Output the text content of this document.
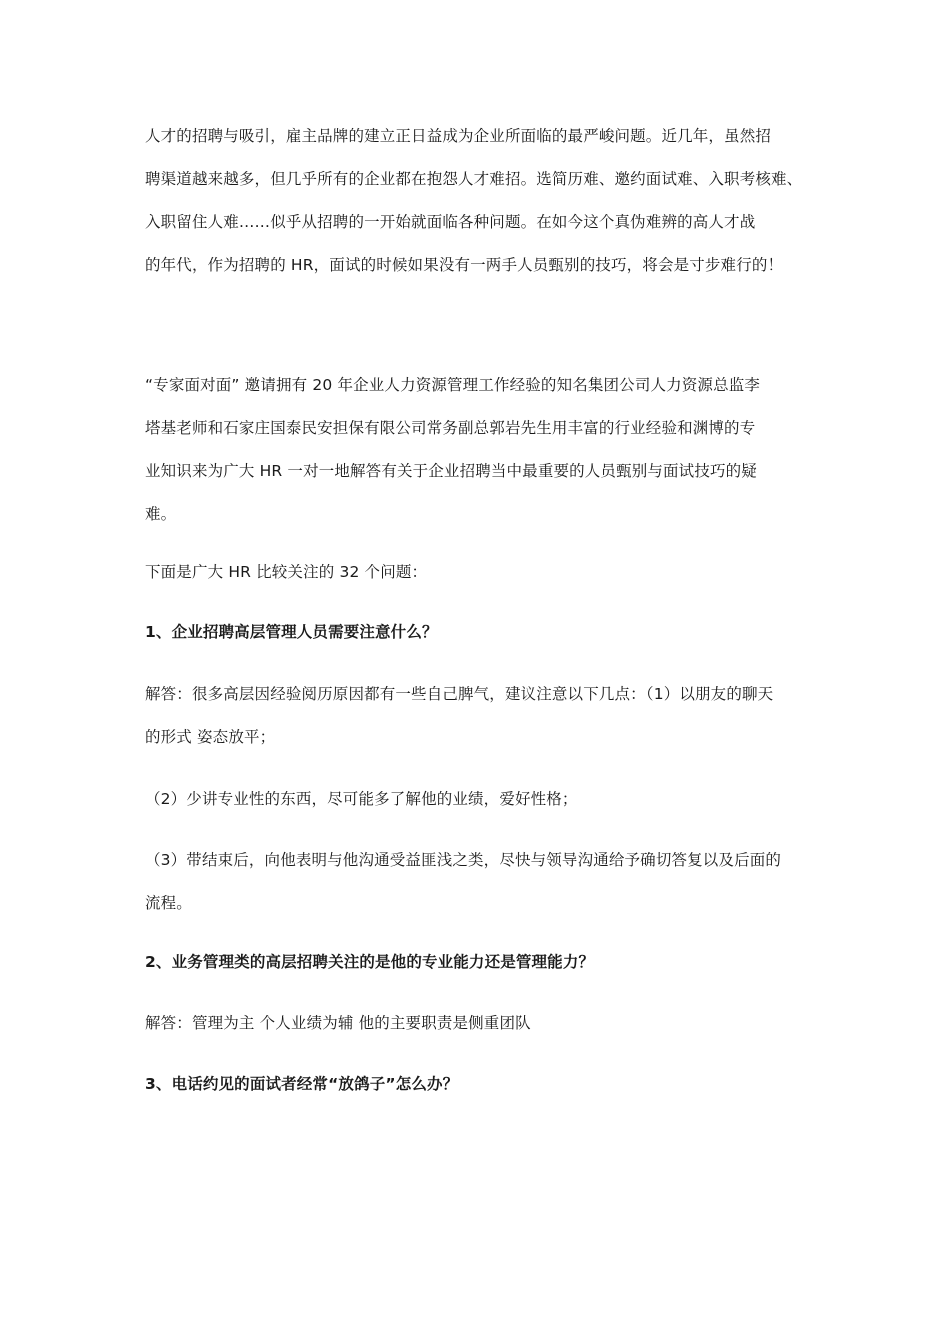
人才的招聘与吸引，雇主品牌的建立正日益成为企业所面临的最严峻问题。近几年，虽然招
聘渠道越来越多，但几乎所有的企业都在抱怨人才难招。选简历难、邀约面试难、入职考核难、
入职留住人难……似乎从招聘的一开始就面临各种问题。在如今这个真伪难辨的高人才战
的年代，作为招聘的 HR，面试的时候如果没有一两手人员甄别的技巧，将会是寸步难行的！
“专家面对面” 邀请拥有 20 年企业人力资源管理工作经验的知名集团公司人力资源总监李
塔基老师和石家庄国泰民安担保有限公司常务副总郭岩先生用丰富的行业经验和渊博的专
业知识来为广大 HR 一对一地解答有关于企业招聘当中最重要的人员甄别与面试技巧的疑
难。
下面是广大 HR 比较关注的 32 个问题：
1、企业招聘高层管理人员需要注意什么？
解答：很多高层因经验阅历原因都有一些自己脾气，建议注意以下几点：（1）以朋友的聊天
的形式 姿态放平；
（2）少讲专业性的东西，尽可能多了解他的业绩，爱好性格；
（3）带结束后，向他表明与他沟通受益匪浅之类，尽快与领导沟通给予确切答复以及后面的
流程。
2、业务管理类的高层招聘关注的是他的专业能力还是管理能力？
解答：管理为主 个人业绩为辅 他的主要职责是侧重团队
3、电话约见的面试者经常“放鸽子”怎么办？
